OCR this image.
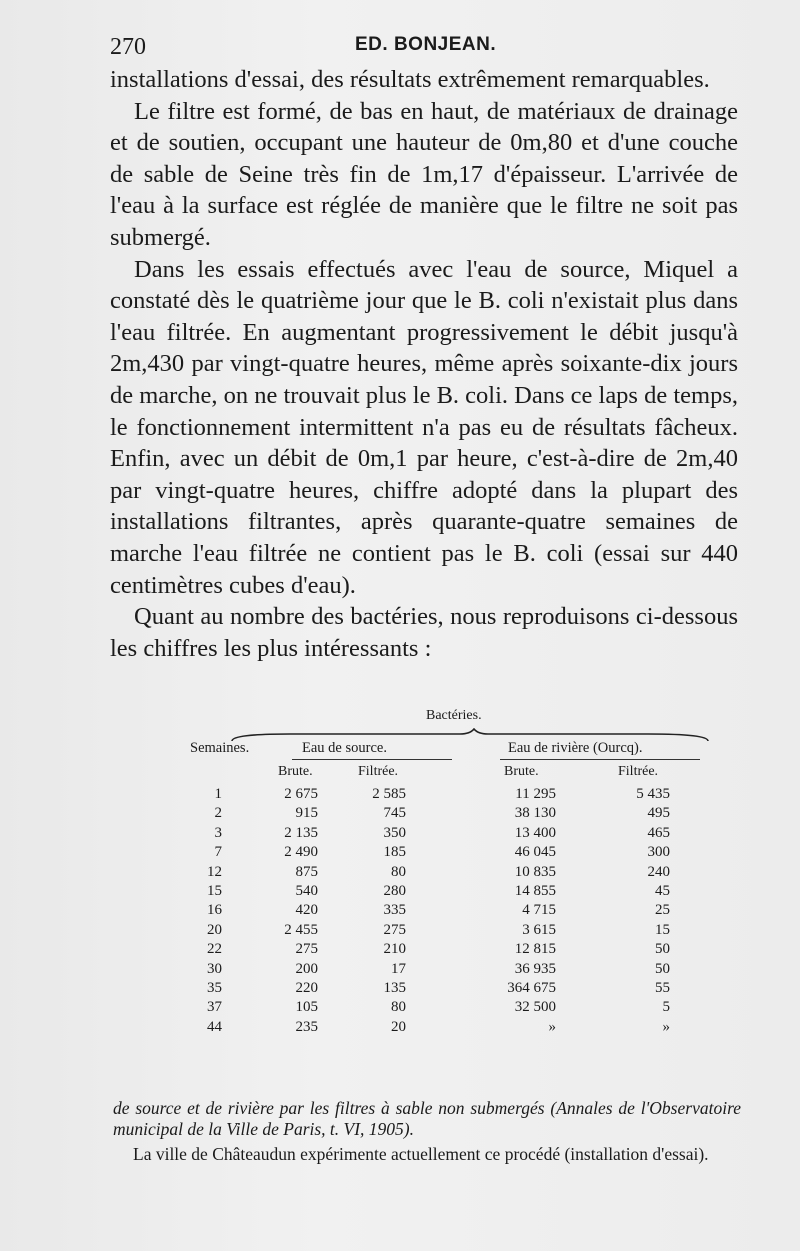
270	ED. BONJEAN.

installations d'essai, des résultats extrêmement remarquables.

Le filtre est formé, de bas en haut, de matériaux de drainage et de soutien, occupant une hauteur de 0m,80 et d'une couche de sable de Seine très fin de 1m,17 d'épaisseur. L'arrivée de l'eau à la surface est réglée de manière que le filtre ne soit pas submergé.

Dans les essais effectués avec l'eau de source, Miquel a constaté dès le quatrième jour que le B. coli n'existait plus dans l'eau filtrée. En augmentant progressivement le débit jusqu'à 2m,430 par vingt-quatre heures, même après soixante-dix jours de marche, on ne trouvait plus le B. coli. Dans ce laps de temps, le fonctionnement intermittent n'a pas eu de résultats fâcheux. Enfin, avec un débit de 0m,1 par heure, c'est-à-dire de 2m,40 par vingt-quatre heures, chiffre adopté dans la plupart des installations filtrantes, après quarante-quatre semaines de marche l'eau filtrée ne contient pas le B. coli (essai sur 440 centimètres cubes d'eau).

Quant au nombre des bactéries, nous reproduisons ci-dessous les chiffres les plus intéressants :

Bactéries.
Semaines.	Eau de source.	Eau de rivière (Ourcq).
Brute.	Filtrée.	Brute.	Filtrée.
1	2 675	2 585	11 295	5 435
2	915	745	38 130	495
3	2 135	350	13 400	465
7	2 490	185	46 045	300
12	875	80	10 835	240
15	540	280	14 855	45
16	420	335	4 715	25
20	2 455	275	3 615	15
22	275	210	12 815	50
30	200	17	36 935	50
35	220	135	364 675	55
37	105	80	32 500	5
44	235	20	»	»

de source et de rivière par les filtres à sable non submergés (Annales de l'Observatoire municipal de la Ville de Paris, t. VI, 1905).

La ville de Châteaudun expérimente actuellement ce procédé (installation d'essai).
